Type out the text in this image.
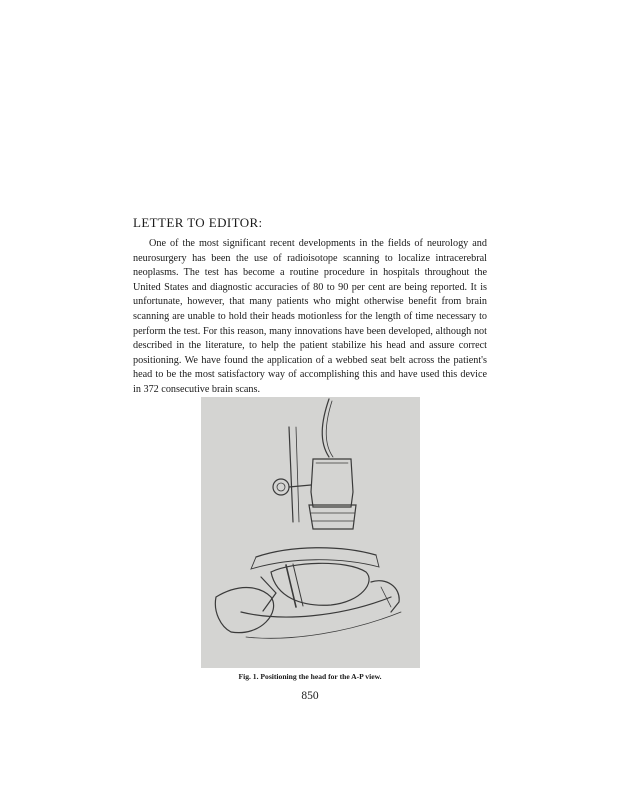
LETTER TO EDITOR:

One of the most significant recent developments in the fields of neurology and neurosurgery has been the use of radioisotope scanning to localize intracerebral neoplasms. The test has become a routine procedure in hospitals throughout the United States and diagnostic accuracies of 80 to 90 per cent are being reported. It is unfortunate, however, that many patients who might otherwise benefit from brain scanning are unable to hold their heads motionless for the length of time necessary to perform the test. For this reason, many innovations have been developed, although not described in the literature, to help the patient stabilize his head and assure correct positioning. We have found the application of a webbed seat belt across the patient's head to be the most satisfactory way of accomplishing this and have used this device in 372 consecutive brain scans.

Fig. 1. Positioning the head for the A-P view.
850
